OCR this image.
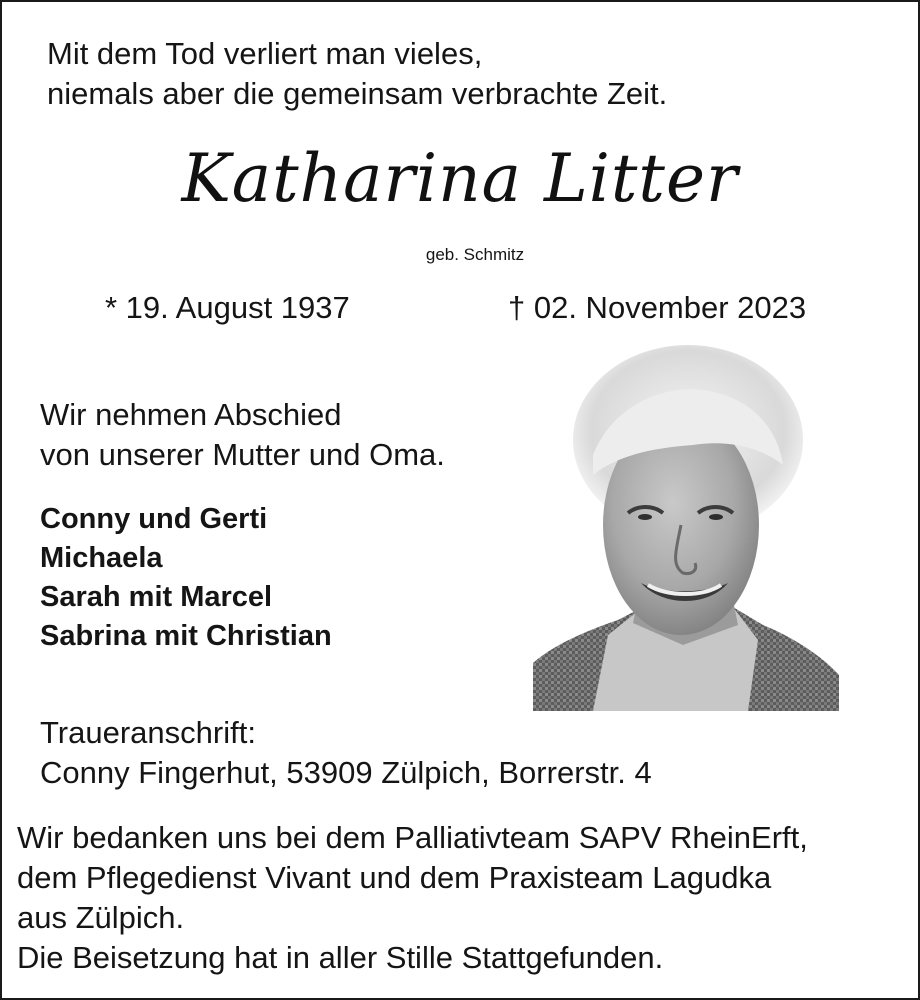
Mit dem Tod verliert man vieles,
niemals aber die gemeinsam verbrachte Zeit.
Katharina Litter
geb. Schmitz
* 19. August 1937	† 02. November 2023
Wir nehmen Abschied
von unserer Mutter und Oma.
Conny und Gerti
Michaela
Sarah mit Marcel
Sabrina mit Christian
Traueranschrift:
Conny Fingerhut, 53909 Zülpich, Borrerstr. 4
Wir bedanken uns bei dem Palliativteam SAPV RheinErft,
dem Pflegedienst Vivant und dem Praxisteam Lagudka
aus Zülpich.
Die Beisetzung hat in aller Stille Stattgefunden.
